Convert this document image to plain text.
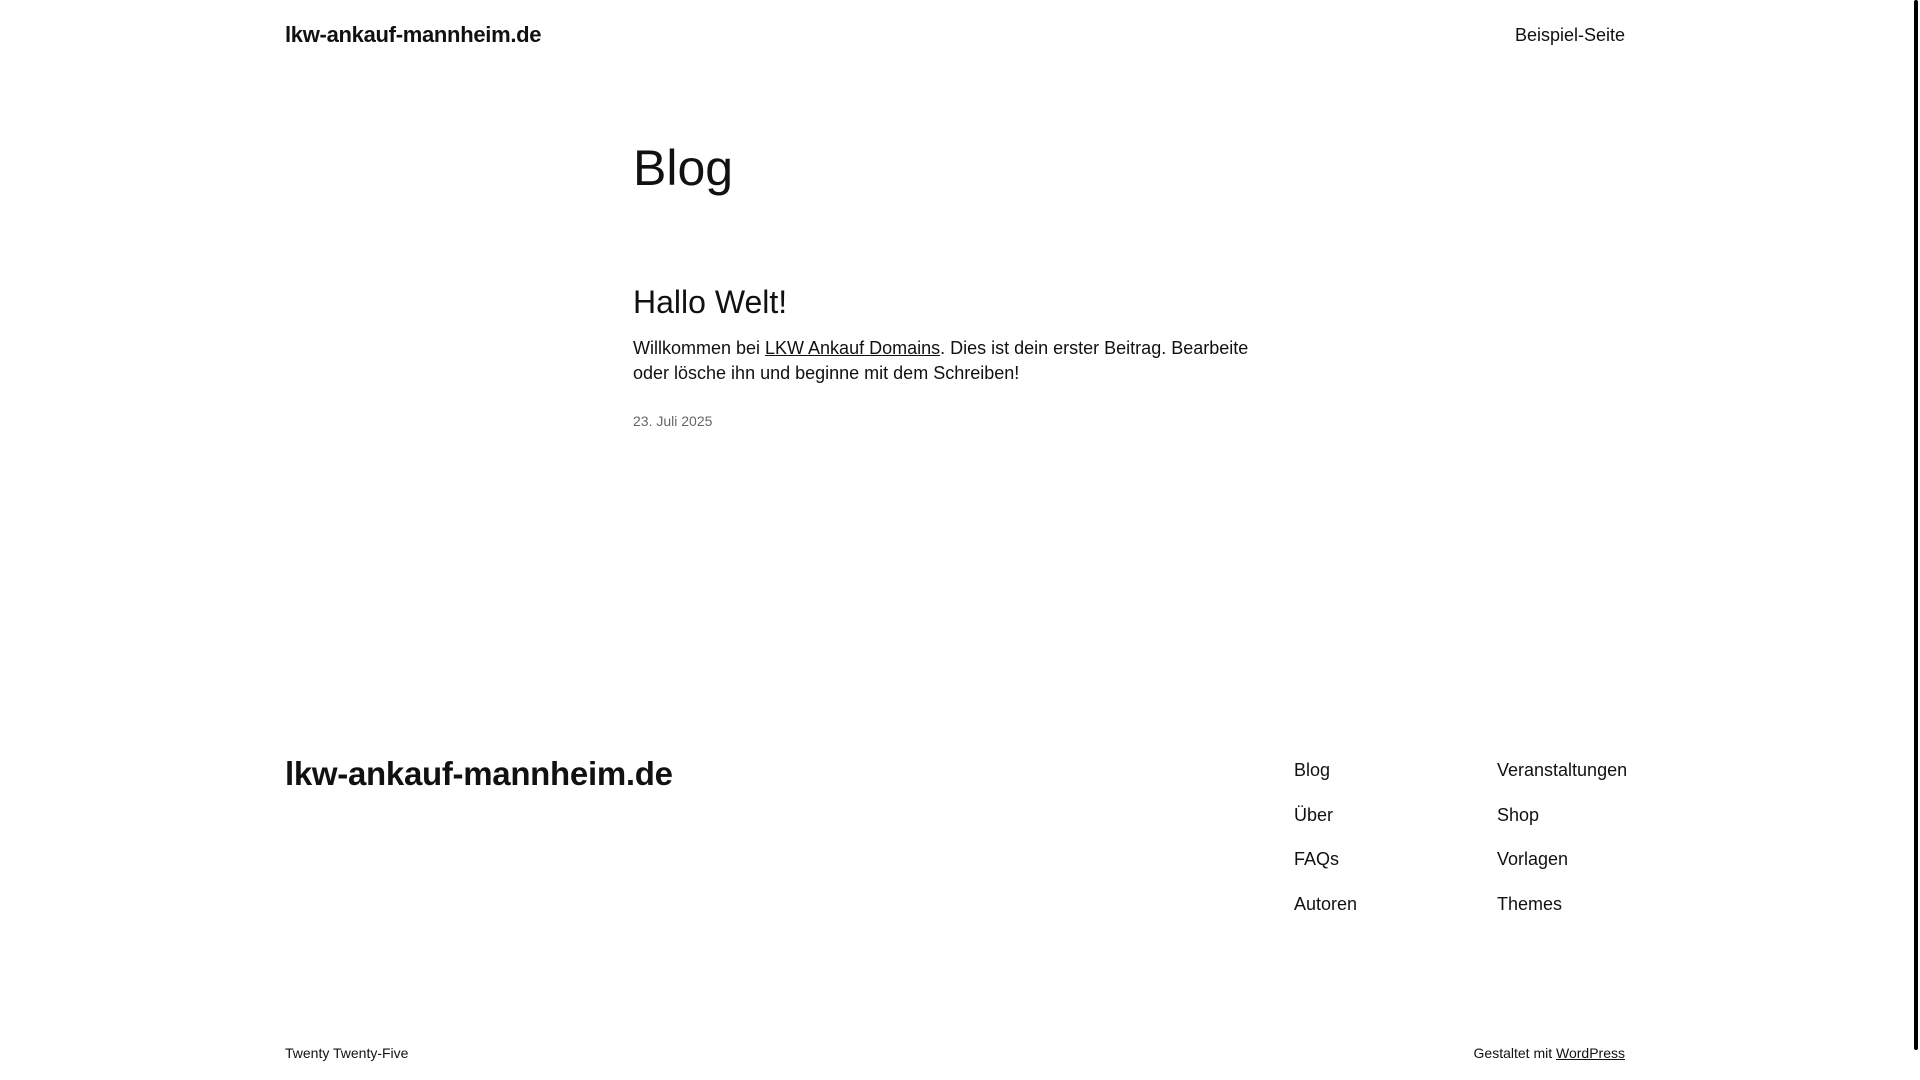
lkw-ankauf-mannheim.de	Beispiel-Seite
Blog
Hallo Welt!

Willkommen bei LKW Ankauf Domains. Dies ist dein erster Beitrag. Bearbeite oder lösche ihn und beginne mit dem Schreiben!

23. Juli 2025
lkw-ankauf-mannheim.de	Blog
Über
FAQs
Autoren
Veranstaltungen
Shop
Vorlagen
Themes
Twenty Twenty-Five	Gestaltet mit WordPress
